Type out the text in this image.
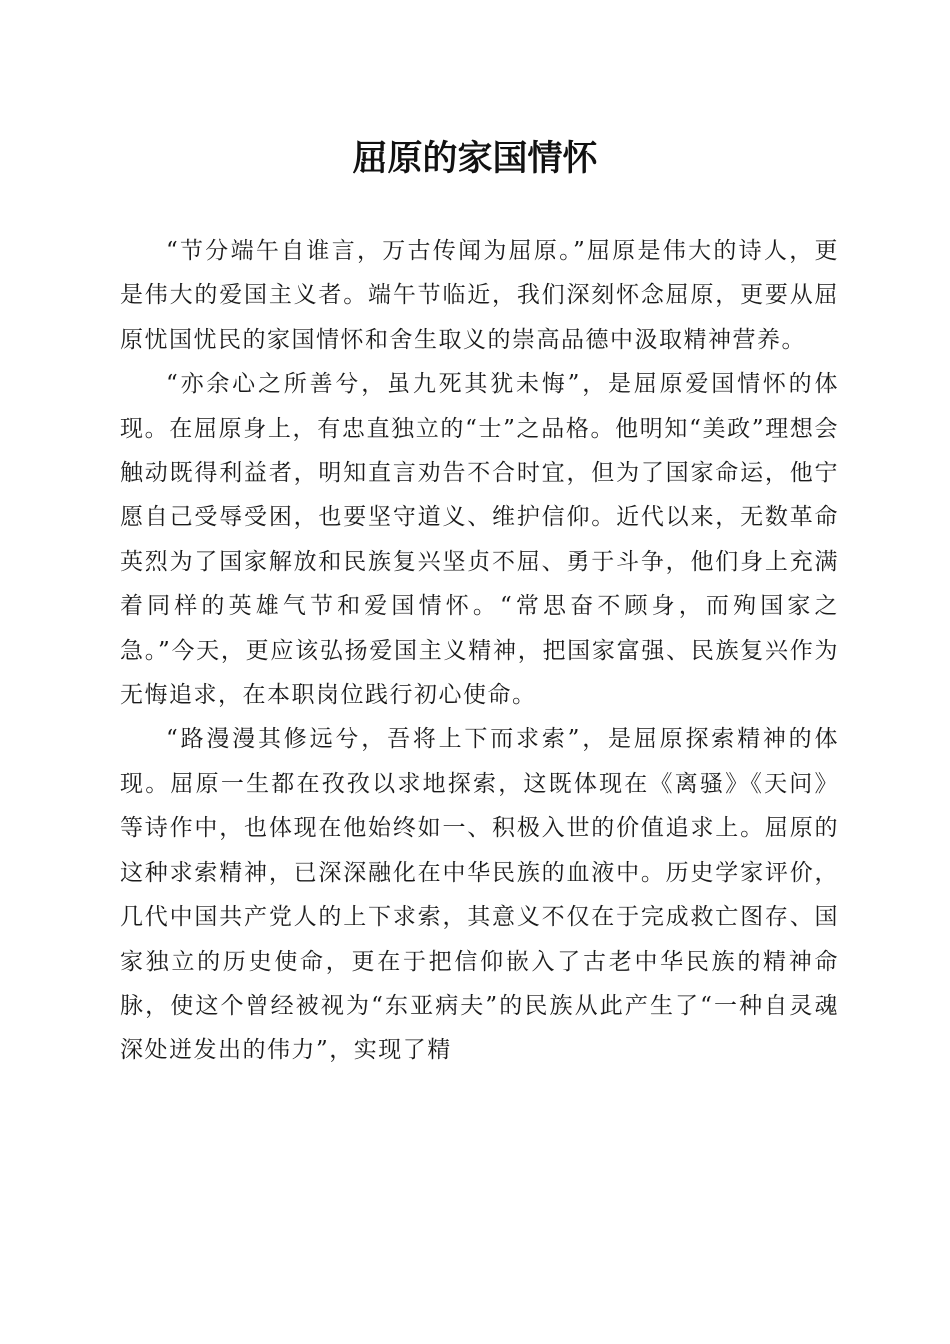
屈原的家国情怀

“节分端午自谁言，万古传闻为屈原。”屈原是伟大的诗人，更是伟大的爱国主义者。端午节临近，我们深刻怀念屈原，更要从屈原忧国忧民的家国情怀和舍生取义的崇高品德中汲取精神营养。

“亦余心之所善兮，虽九死其犹未悔”，是屈原爱国情怀的体现。在屈原身上，有忠直独立的“士”之品格。他明知“美政”理想会触动既得利益者，明知直言劝告不合时宜，但为了国家命运，他宁愿自己受辱受困，也要坚守道义、维护信仰。近代以来，无数革命英烈为了国家解放和民族复兴坚贞不屈、勇于斗争，他们身上充满着同样的英雄气节和爱国情怀。“常思奋不顾身，而殉国家之急。”今天，更应该弘扬爱国主义精神，把国家富强、民族复兴作为无悔追求，在本职岗位践行初心使命。

“路漫漫其修远兮，吾将上下而求索”，是屈原探索精神的体现。屈原一生都在孜孜以求地探索，这既体现在《离骚》《天问》等诗作中，也体现在他始终如一、积极入世的价值追求上。屈原的这种求索精神，已深深融化在中华民族的血液中。历史学家评价，几代中国共产党人的上下求索，其意义不仅在于完成救亡图存、国家独立的历史使命，更在于把信仰嵌入了古老中华民族的精神命脉，使这个曾经被视为“东亚病夫”的民族从此产生了“一种自灵魂深处迸发出的伟力”，实现了精
